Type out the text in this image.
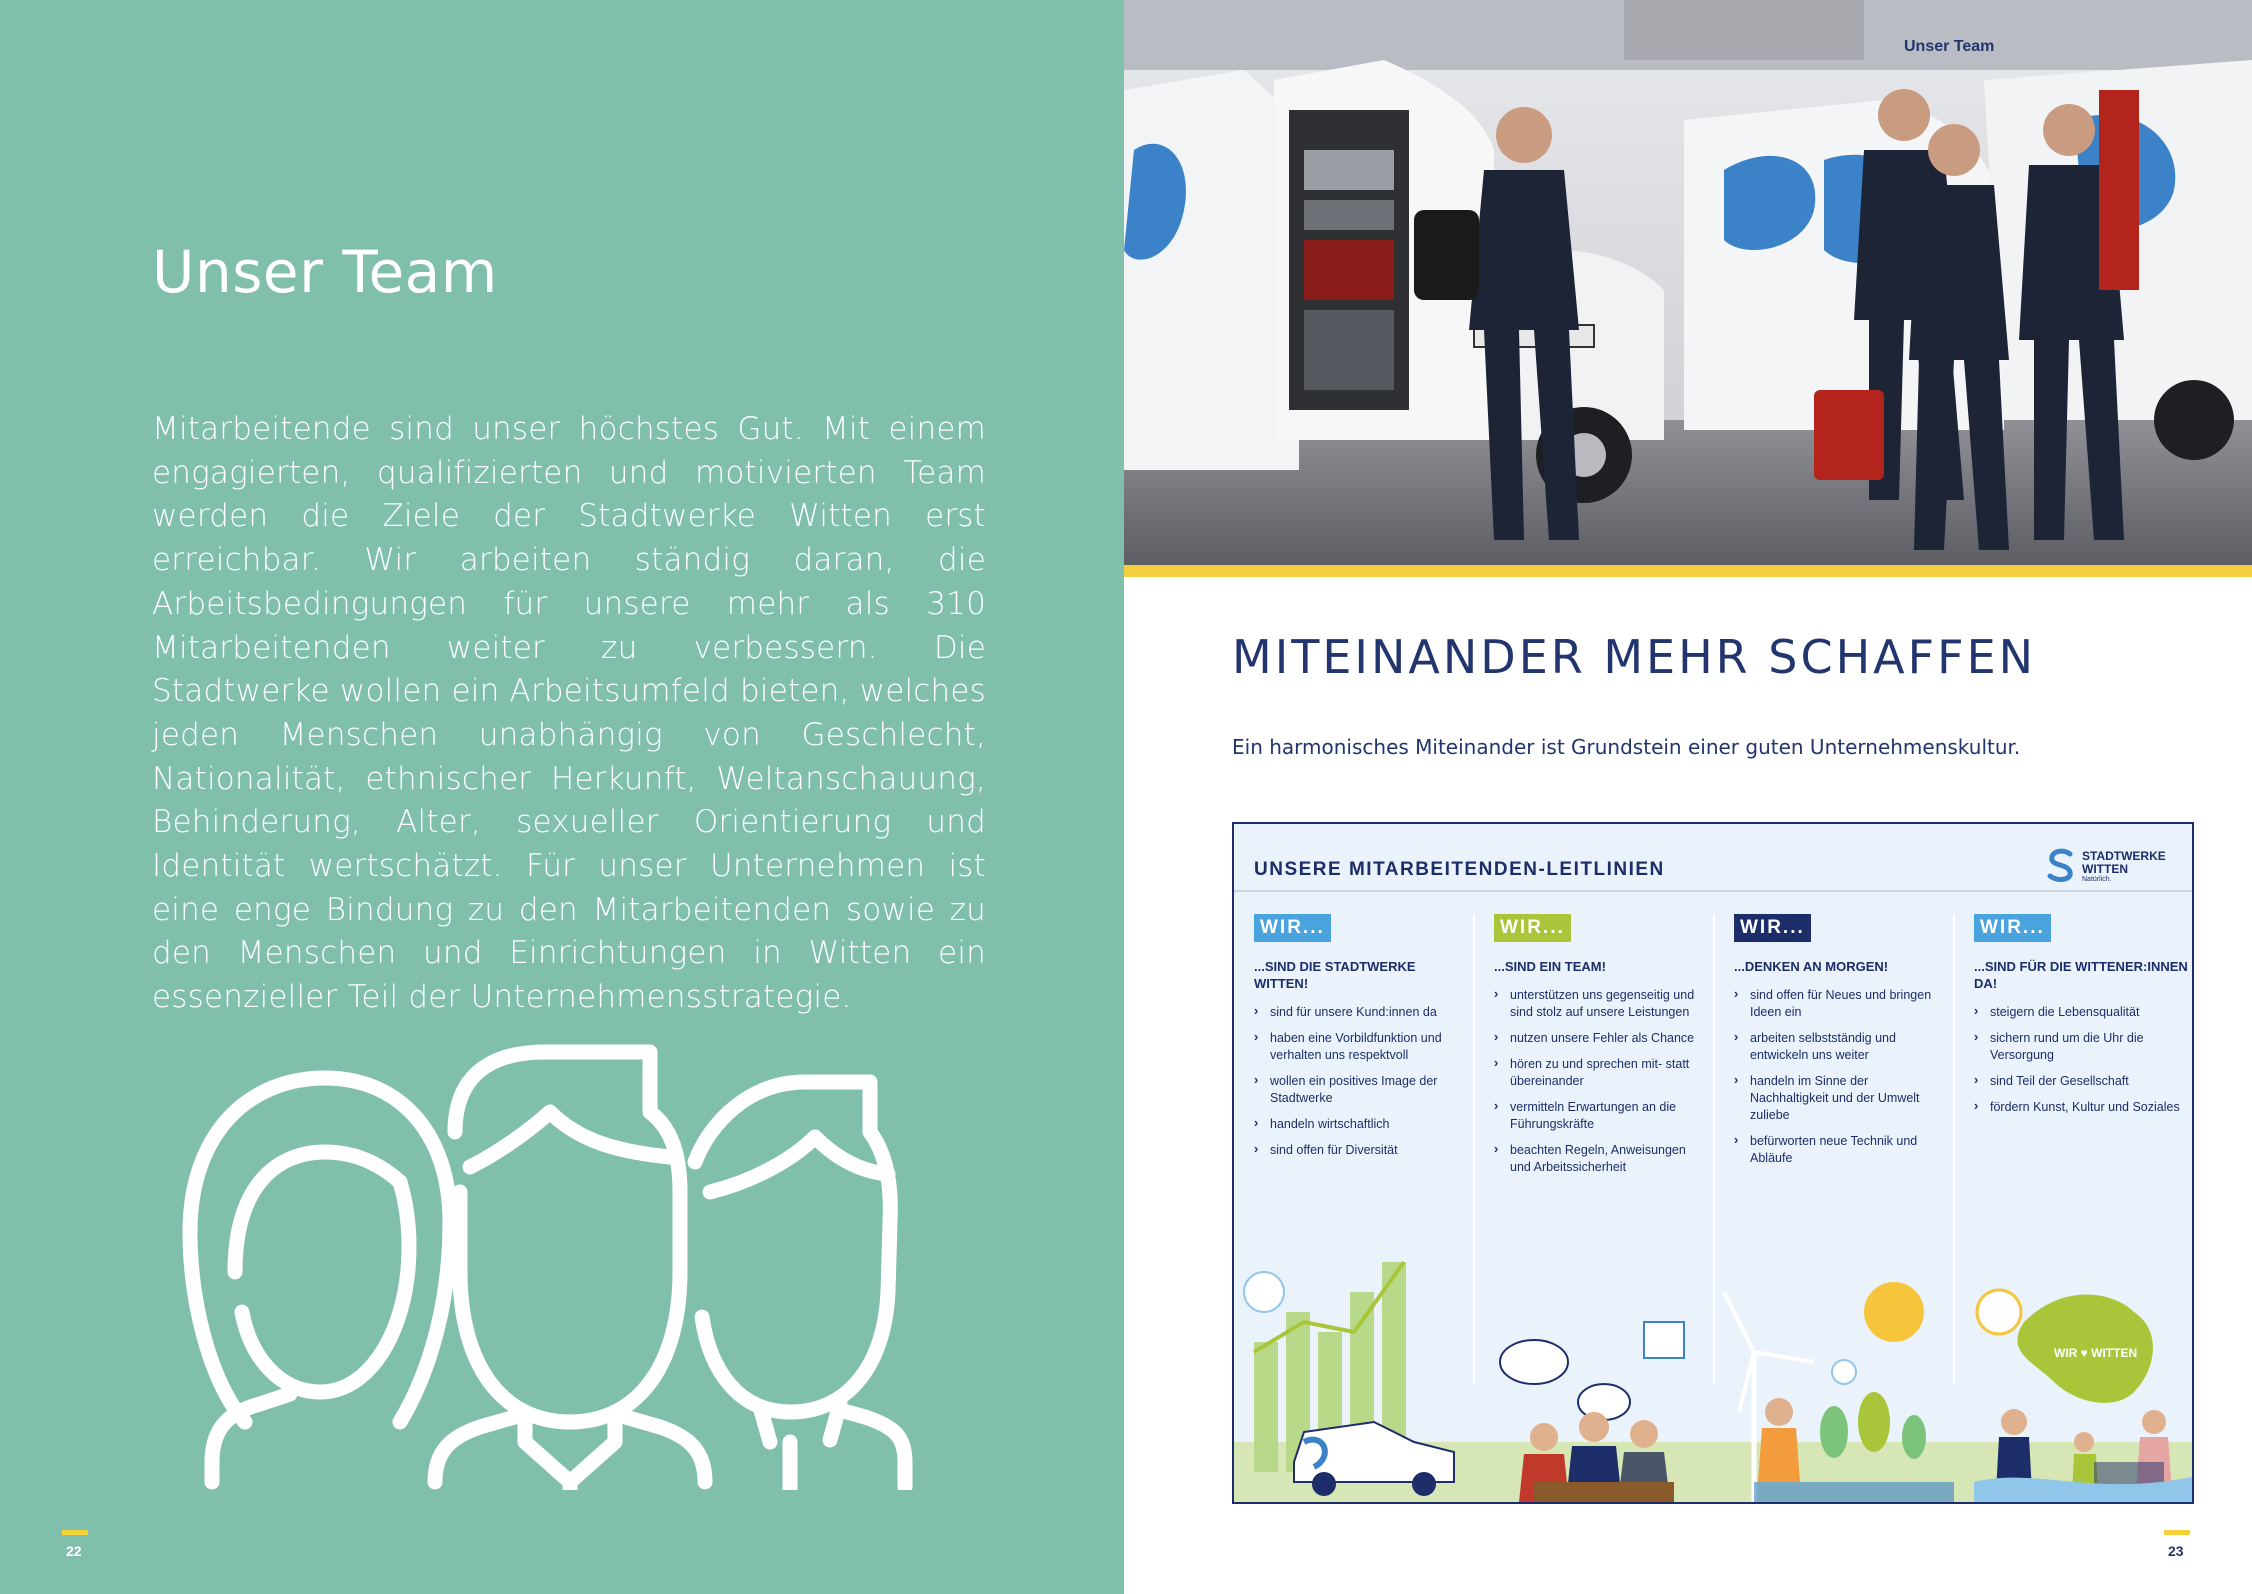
Unser Team

Mitarbeitende sind unser höchstes Gut. Mit einem engagierten, qualifizierten und motivierten Team werden die Ziele der Stadtwerke Witten erst erreichbar. Wir arbeiten ständig daran, die Arbeitsbedingungen für unsere mehr als 310 Mitarbeitenden weiter zu verbessern. Die Stadtwerke wollen ein Arbeitsumfeld bieten, welches jeden Menschen unabhängig von Geschlecht, Nationalität, ethnischer Herkunft, Weltanschauung, Behinderung, Alter, sexueller Orientierung und Identität wertschätzt. Für unser Unternehmen ist eine enge Bindung zu den Mitarbeitenden sowie zu den Menschen und Einrichtungen in Witten ein essenzieller Teil der Unternehmensstrategie.

22
Unser Team
MITEINANDER MEHR SCHAFFEN
Ein harmonisches Miteinander ist Grundstein einer guten Unternehmenskultur.
UNSERE MITARBEITENDEN-LEITLINIEN
STADTWERKE WITTEN
Natürlich.
WIR...
...SIND DIE STADTWERKE WITTEN!
› sind für unsere Kund:innen da
› haben eine Vorbildfunktion und verhalten uns respektvoll
› wollen ein positives Image der Stadtwerke
› handeln wirtschaftlich
› sind offen für Diversität
WIR...
...SIND EIN TEAM!
› unterstützen uns gegenseitig und sind stolz auf unsere Leistungen
› nutzen unsere Fehler als Chance
› hören zu und sprechen mit- statt übereinander
› vermitteln Erwartungen an die Führungskräfte
› beachten Regeln, Anweisungen und Arbeitssicherheit
WIR...
...DENKEN AN MORGEN!
› sind offen für Neues und bringen Ideen ein
› arbeiten selbstständig und entwickeln uns weiter
› handeln im Sinne der Nachhaltigkeit und der Umwelt zuliebe
› befürworten neue Technik und Abläufe
WIR...
...SIND FÜR DIE WITTENER:INNEN DA!
› steigern die Lebensqualität
› sichern rund um die Uhr die Versorgung
› sind Teil der Gesellschaft
› fördern Kunst, Kultur und Soziales
WIR ♥ WITTEN
23
